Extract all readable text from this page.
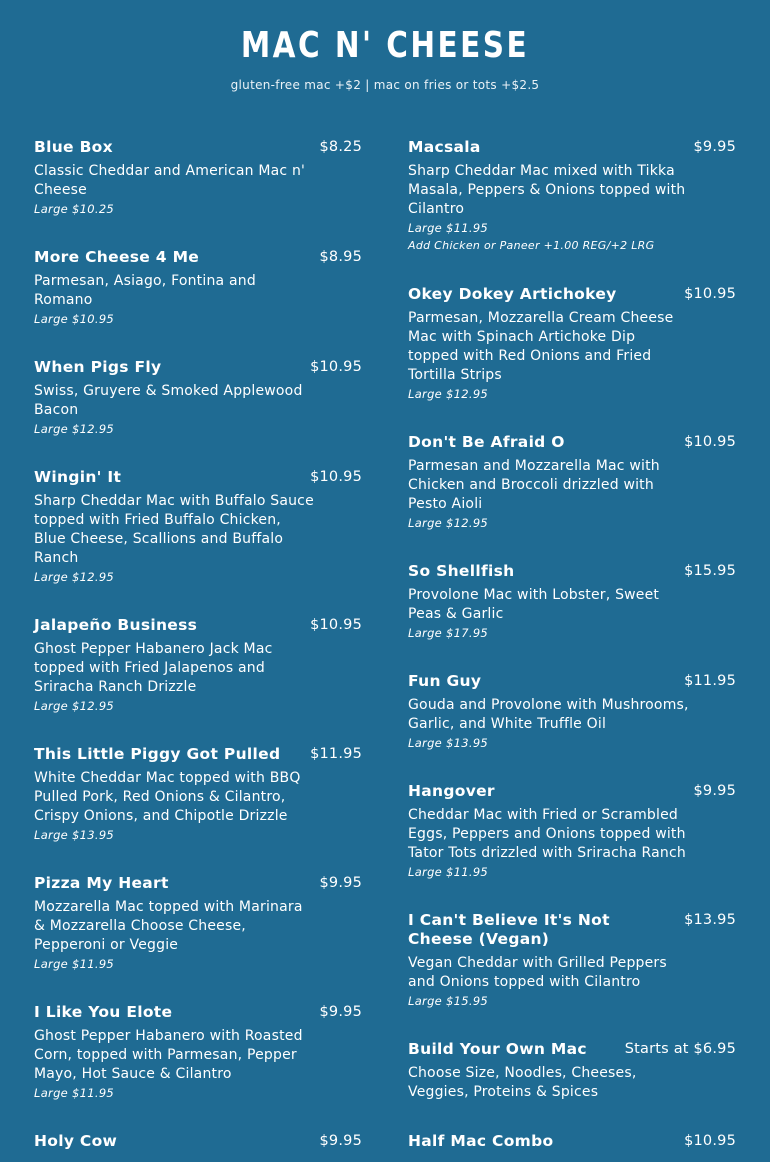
MAC N' CHEESE
gluten-free mac +$2 | mac on fries or tots +$2.5
Blue Box	$8.25
Classic Cheddar and American Mac n' Cheese
Large $10.25
More Cheese 4 Me	$8.95
Parmesan, Asiago, Fontina and Romano
Large $10.95
When Pigs Fly	$10.95
Swiss, Gruyere & Smoked Applewood Bacon
Large $12.95
Wingin' It	$10.95
Sharp Cheddar Mac with Buffalo Sauce topped with Fried Buffalo Chicken, Blue Cheese, Scallions and Buffalo Ranch
Large $12.95
Jalapeño Business	$10.95
Ghost Pepper Habanero Jack Mac topped with Fried Jalapenos and Sriracha Ranch Drizzle
Large $12.95
This Little Piggy Got Pulled $11.95
White Cheddar Mac topped with BBQ Pulled Pork, Red Onions & Cilantro, Crispy Onions, and Chipotle Drizzle
Large $13.95
Pizza My Heart	$9.95
Mozzarella Mac topped with Marinara & Mozzarella Choose Cheese, Pepperoni or Veggie
Large $11.95
I Like You Elote	$9.95
Ghost Pepper Habanero with Roasted Corn, topped with Parmesan, Pepper Mayo, Hot Sauce & Cilantro
Large $11.95
Holy Cow	$9.95
Macsala	$9.95
Sharp Cheddar Mac mixed with Tikka Masala, Peppers & Onions topped with Cilantro
Large $11.95
Add Chicken or Paneer +1.00 REG/+2 LRG
Okey Dokey Artichokey	$10.95
Parmesan, Mozzarella Cream Cheese Mac with Spinach Artichoke Dip topped with Red Onions and Fried Tortilla Strips
Large $12.95
Don't Be Afraid O	$10.95
Parmesan and Mozzarella Mac with Chicken and Broccoli drizzled with Pesto Aioli
Large $12.95
So Shellfish	$15.95
Provolone Mac with Lobster, Sweet Peas & Garlic
Large $17.95
Fun Guy	$11.95
Gouda and Provolone with Mushrooms, Garlic, and White Truffle Oil
Large $13.95
Hangover	$9.95
Cheddar Mac with Fried or Scrambled Eggs, Peppers and Onions topped with Tator Tots drizzled with Sriracha Ranch
Large $11.95
I Can't Believe It's Not Cheese (Vegan)
$13.95
Vegan Cheddar with Grilled Peppers and Onions topped with Cilantro
Large $15.95
Build Your Own Mac	Starts at $6.95
Choose Size, Noodles, Cheeses, Veggies, Proteins & Spices
Half Mac Combo	$10.95
